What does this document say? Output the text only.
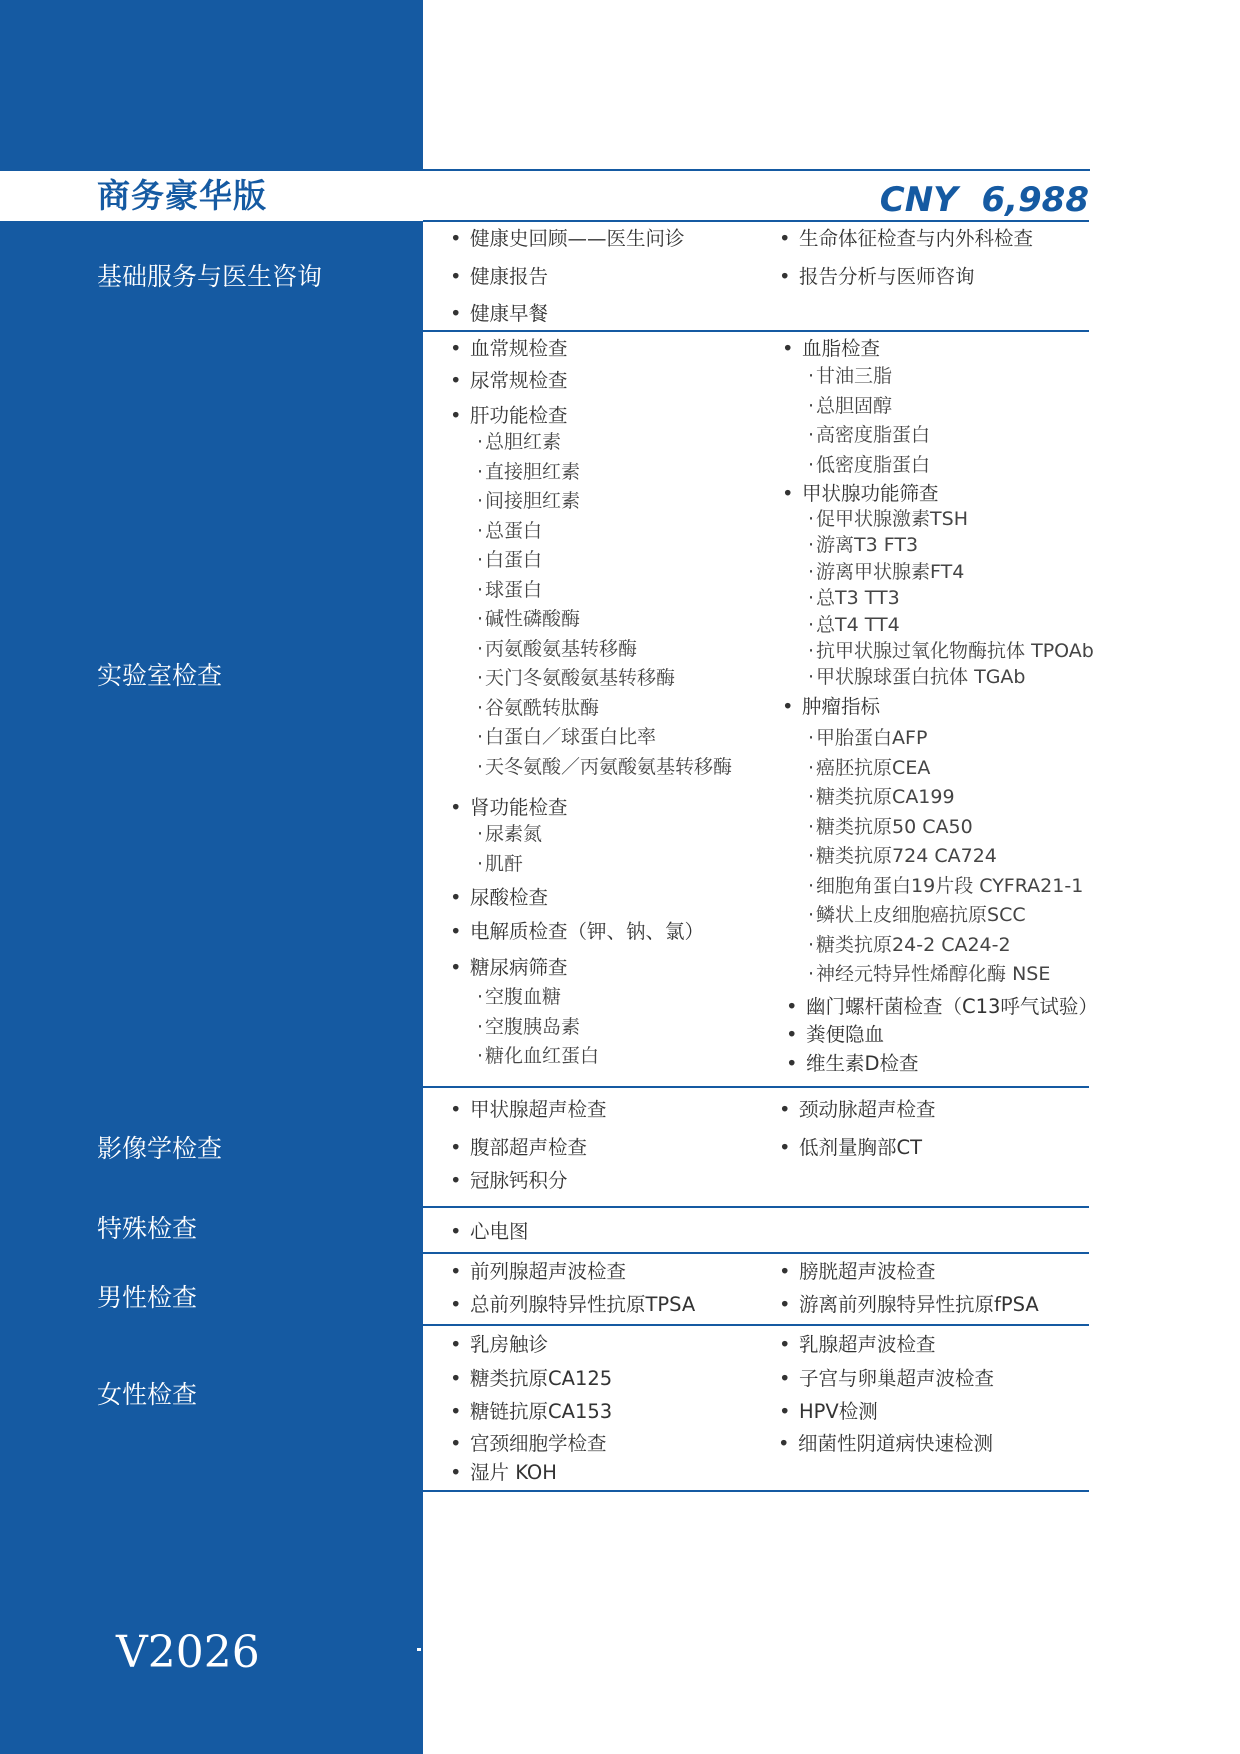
商务豪华版	CNY  6,988
基础服务与医生咨询
实验室检查
影像学检查
特殊检查
男性检查
女性检查
• 健康史回顾——医生问诊
• 健康报告
• 健康早餐
• 生命体征检查与内外科检查
• 报告分析与医师咨询
• 血常规检查
• 尿常规检查
• 肝功能检查
· 总胆红素
· 直接胆红素
· 间接胆红素
· 总蛋白
· 白蛋白
· 球蛋白
· 碱性磷酸酶
· 丙氨酸氨基转移酶
· 天门冬氨酸氨基转移酶
· 谷氨酰转肽酶
· 白蛋白／球蛋白比率
· 天冬氨酸／丙氨酸氨基转移酶
• 肾功能检查
· 尿素氮
· 肌酐
• 尿酸检查
• 电解质检查（钾、钠、氯）
• 糖尿病筛查
· 空腹血糖
· 空腹胰岛素
· 糖化血红蛋白
• 血脂检查
· 甘油三脂
· 总胆固醇
· 高密度脂蛋白
· 低密度脂蛋白
• 甲状腺功能筛查
· 促甲状腺激素TSH
· 游离T3 FT3
· 游离甲状腺素FT4
· 总T3 TT3
· 总T4 TT4
· 抗甲状腺过氧化物酶抗体 TPOAb
· 甲状腺球蛋白抗体 TGAb
• 肿瘤指标
· 甲胎蛋白AFP
· 癌胚抗原CEA
· 糖类抗原CA199
· 糖类抗原50 CA50
· 糖类抗原724 CA724
· 细胞角蛋白19片段 CYFRA21-1
· 鳞状上皮细胞癌抗原SCC
· 糖类抗原24-2 CA24-2
· 神经元特异性烯醇化酶 NSE
• 幽门螺杆菌检查（C13呼气试验）
• 粪便隐血
• 维生素D检查
• 甲状腺超声检查
• 腹部超声检查
• 冠脉钙积分
• 颈动脉超声检查
• 低剂量胸部CT
• 心电图
• 前列腺超声波检查
• 总前列腺特异性抗原TPSA
• 膀胱超声波检查
• 游离前列腺特异性抗原fPSA
• 乳房触诊
• 糖类抗原CA125
• 糖链抗原CA153
• 宫颈细胞学检查
• 湿片 KOH
• 乳腺超声波检查
• 子宫与卵巢超声波检查
• HPV检测
• 细菌性阴道病快速检测
V2026
